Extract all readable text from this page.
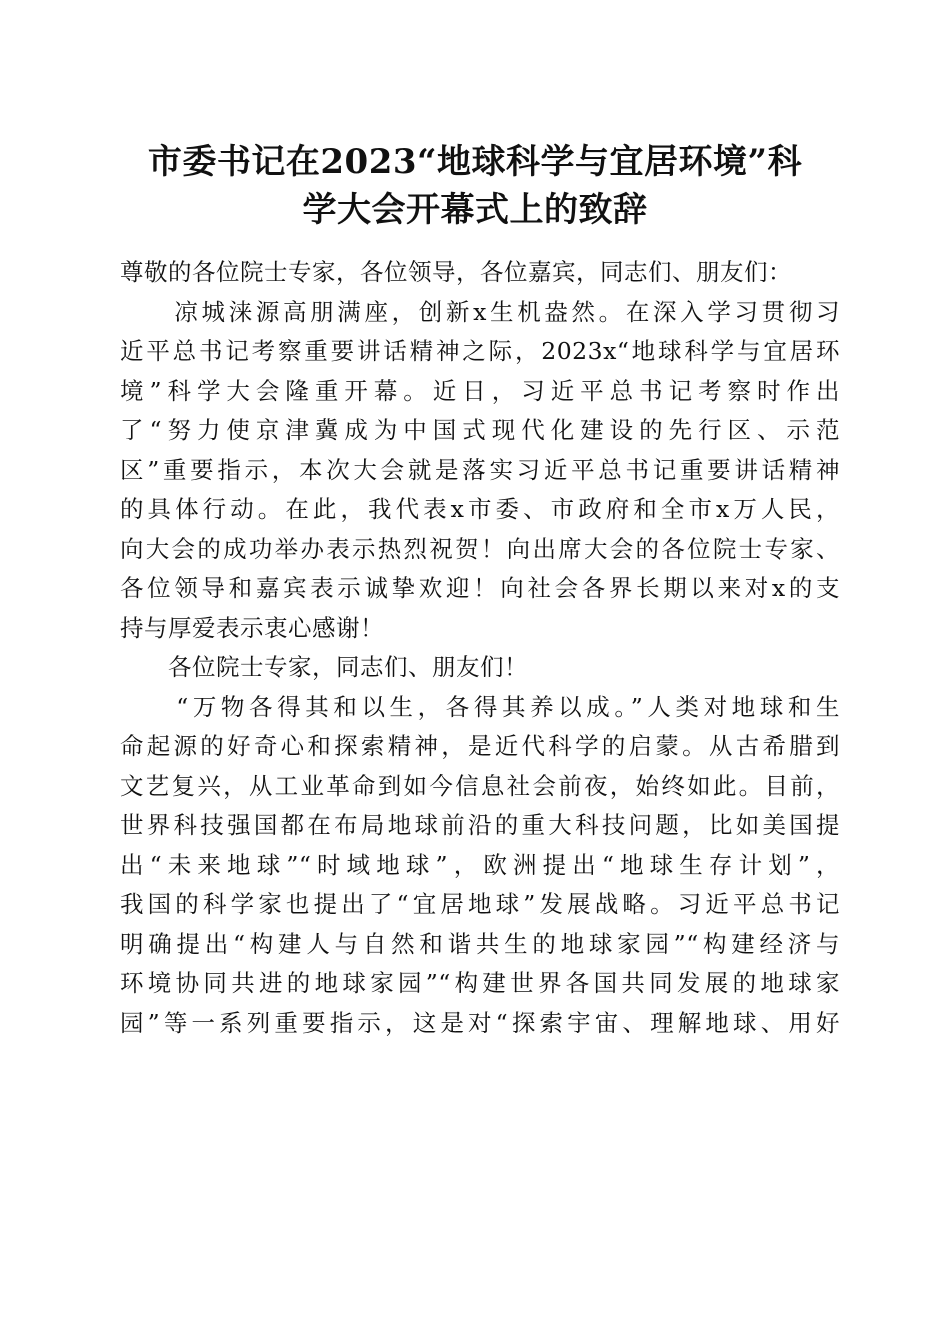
市委书记在2023“地球科学与宜居环境”科
学大会开幕式上的致辞

尊敬的各位院士专家，各位领导，各位嘉宾，同志们、朋友们：

　　凉城涞源高朋满座，创新x生机盎然。在深入学习贯彻习
近平总书记考察重要讲话精神之际，2023x“地球科学与宜居环
境”科学大会隆重开幕。近日，习近平总书记考察时作出
了“努力使京津冀成为中国式现代化建设的先行区、示范
区”重要指示，本次大会就是落实习近平总书记重要讲话精神
的具体行动。在此，我代表x市委、市政府和全市x万人民，
向大会的成功举办表示热烈祝贺！向出席大会的各位院士专家、
各位领导和嘉宾表示诚挚欢迎！向社会各界长期以来对x的支
持与厚爱表示衷心感谢！

　　各位院士专家，同志们、朋友们！

　　“万物各得其和以生，各得其养以成。”人类对地球和生
命起源的好奇心和探索精神，是近代科学的启蒙。从古希腊到
文艺复兴，从工业革命到如今信息社会前夜，始终如此。目前，
世界科技强国都在布局地球前沿的重大科技问题，比如美国提
出“未来地球”“时域地球”，欧洲提出“地球生存计划”，
我国的科学家也提出了“宜居地球”发展战略。习近平总书记
明确提出“构建人与自然和谐共生的地球家园”“构建经济与
环境协同共进的地球家园”“构建世界各国共同发展的地球家
园”等一系列重要指示，这是对“探索宇宙、理解地球、用好
